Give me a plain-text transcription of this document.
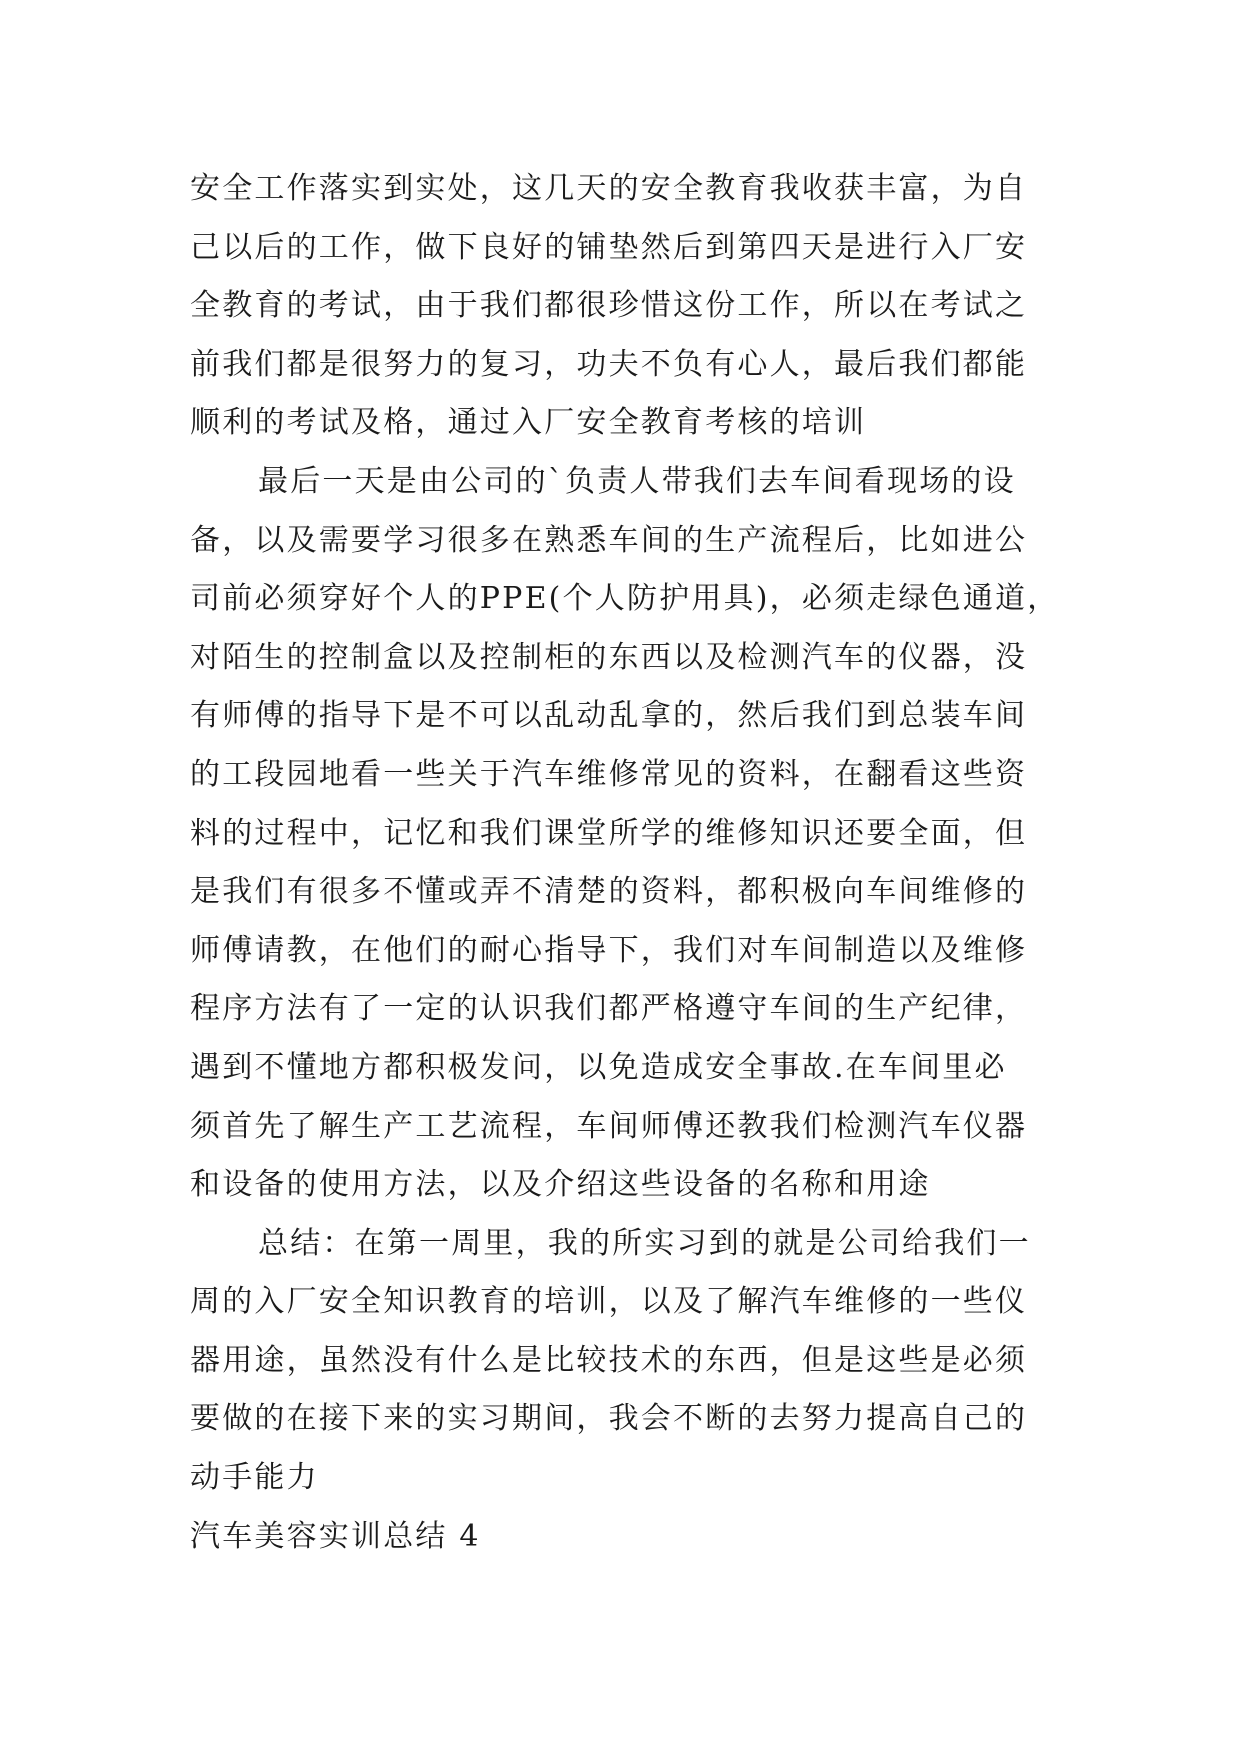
安全工作落实到实处，这几天的安全教育我收获丰富，为自
己以后的工作，做下良好的铺垫然后到第四天是进行入厂安
全教育的考试，由于我们都很珍惜这份工作，所以在考试之
前我们都是很努力的复习，功夫不负有心人，最后我们都能
顺利的考试及格，通过入厂安全教育考核的培训
最后一天是由公司的`负责人带我们去车间看现场的设
备，以及需要学习很多在熟悉车间的生产流程后，比如进公
司前必须穿好个人的PPE(个人防护用具)，必须走绿色通道，
对陌生的控制盒以及控制柜的东西以及检测汽车的仪器，没
有师傅的指导下是不可以乱动乱拿的，然后我们到总装车间
的工段园地看一些关于汽车维修常见的资料，在翻看这些资
料的过程中，记忆和我们课堂所学的维修知识还要全面，但
是我们有很多不懂或弄不清楚的资料，都积极向车间维修的
师傅请教，在他们的耐心指导下，我们对车间制造以及维修
程序方法有了一定的认识我们都严格遵守车间的生产纪律，
遇到不懂地方都积极发问，以免造成安全事故.在车间里必
须首先了解生产工艺流程，车间师傅还教我们检测汽车仪器
和设备的使用方法，以及介绍这些设备的名称和用途
总结：在第一周里，我的所实习到的就是公司给我们一
周的入厂安全知识教育的培训，以及了解汽车维修的一些仪
器用途，虽然没有什么是比较技术的东西，但是这些是必须
要做的在接下来的实习期间，我会不断的去努力提高自己的
动手能力
汽车美容实训总结 4
